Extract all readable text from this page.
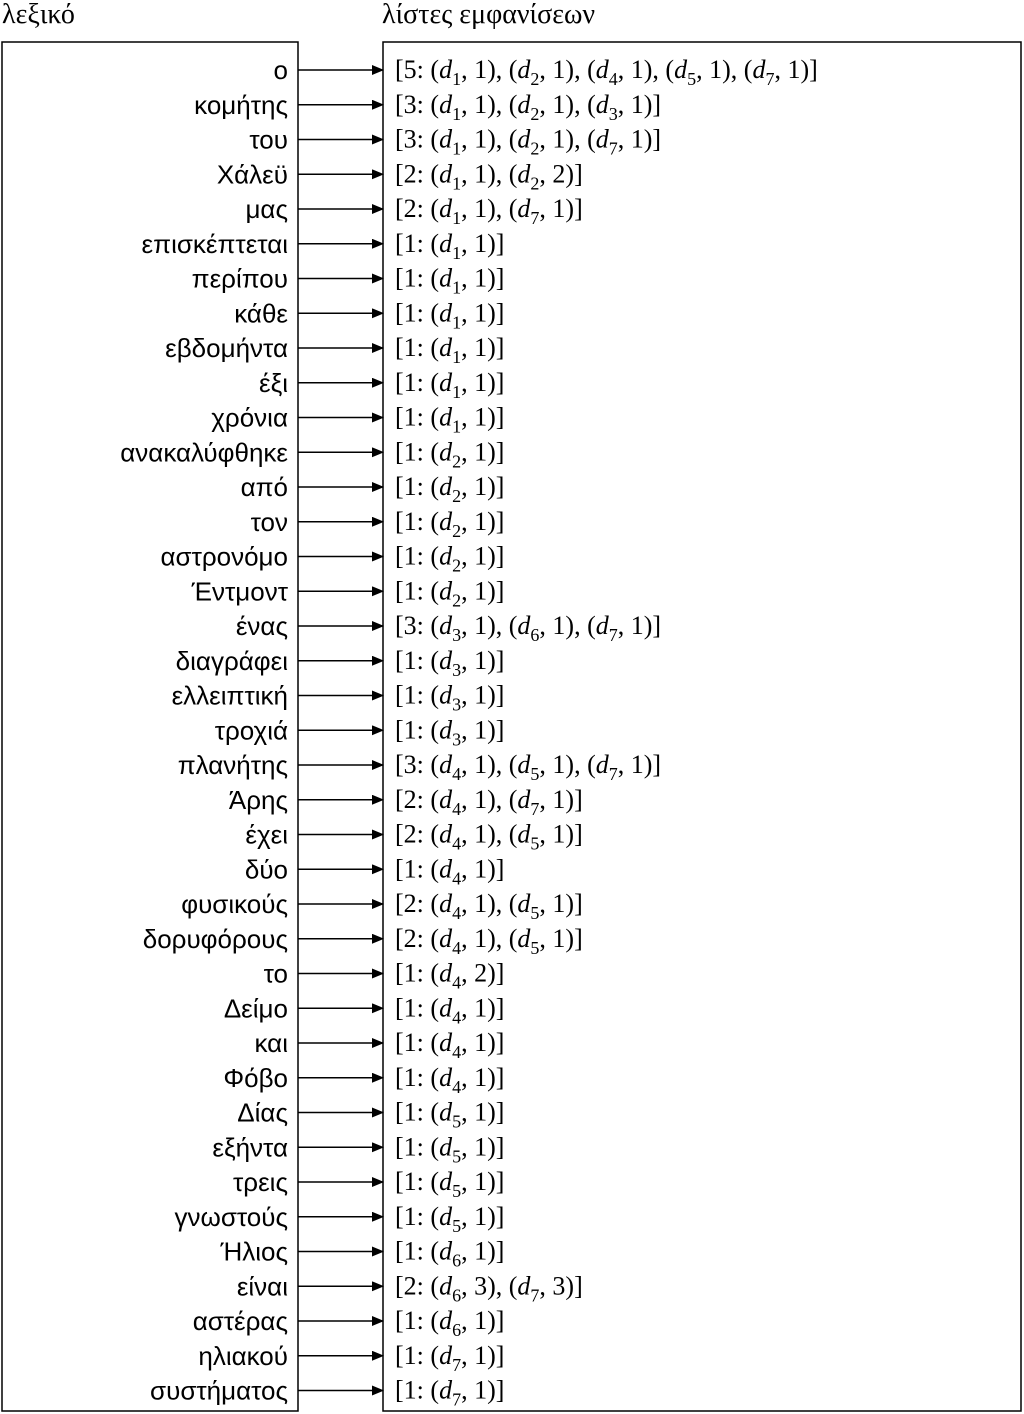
λεξικό	λίστες εμφανίσεων
ο	[5: ($d_1$, 1), ($d_2$, 1), ($d_4$, 1), ($d_5$, 1), ($d_7$, 1)]
κομήτης	[3: ($d_1$, 1), ($d_2$, 1), ($d_3$, 1)]
του	[3: ($d_1$, 1), ($d_2$, 1), ($d_7$, 1)]
Χάλεϋ	[2: ($d_1$, 1), ($d_2$, 2)]
μας	[2: ($d_1$, 1), ($d_7$, 1)]
επισκέπτεται	[1: ($d_1$, 1)]
περίπου	[1: ($d_1$, 1)]
κάθε	[1: ($d_1$, 1)]
εβδομήντα	[1: ($d_1$, 1)]
έξι	[1: ($d_1$, 1)]
χρόνια	[1: ($d_1$, 1)]
ανακαλύφθηκε	[1: ($d_2$, 1)]
από	[1: ($d_2$, 1)]
τον	[1: ($d_2$, 1)]
αστρονόμο	[1: ($d_2$, 1)]
Έντμοντ	[1: ($d_2$, 1)]
ένας	[3: ($d_3$, 1), ($d_6$, 1), ($d_7$, 1)]
διαγράφει	[1: ($d_3$, 1)]
ελλειπτική	[1: ($d_3$, 1)]
τροχιά	[1: ($d_3$, 1)]
πλανήτης	[3: ($d_4$, 1), ($d_5$, 1), ($d_7$, 1)]
Άρης	[2: ($d_4$, 1), ($d_7$, 1)]
έχει	[2: ($d_4$, 1), ($d_5$, 1)]
δύο	[1: ($d_4$, 1)]
φυσικούς	[2: ($d_4$, 1), ($d_5$, 1)]
δορυφόρους	[2: ($d_4$, 1), ($d_5$, 1)]
το	[1: ($d_4$, 2)]
Δείμο	[1: ($d_4$, 1)]
και	[1: ($d_4$, 1)]
Φόβο	[1: ($d_4$, 1)]
Δίας	[1: ($d_5$, 1)]
εξήντα	[1: ($d_5$, 1)]
τρεις	[1: ($d_5$, 1)]
γνωστούς	[1: ($d_5$, 1)]
Ήλιος	[1: ($d_6$, 1)]
είναι	[2: ($d_6$, 3), ($d_7$, 3)]
αστέρας	[1: ($d_6$, 1)]
ηλιακού	[1: ($d_7$, 1)]
συστήματος	[1: ($d_7$, 1)]
